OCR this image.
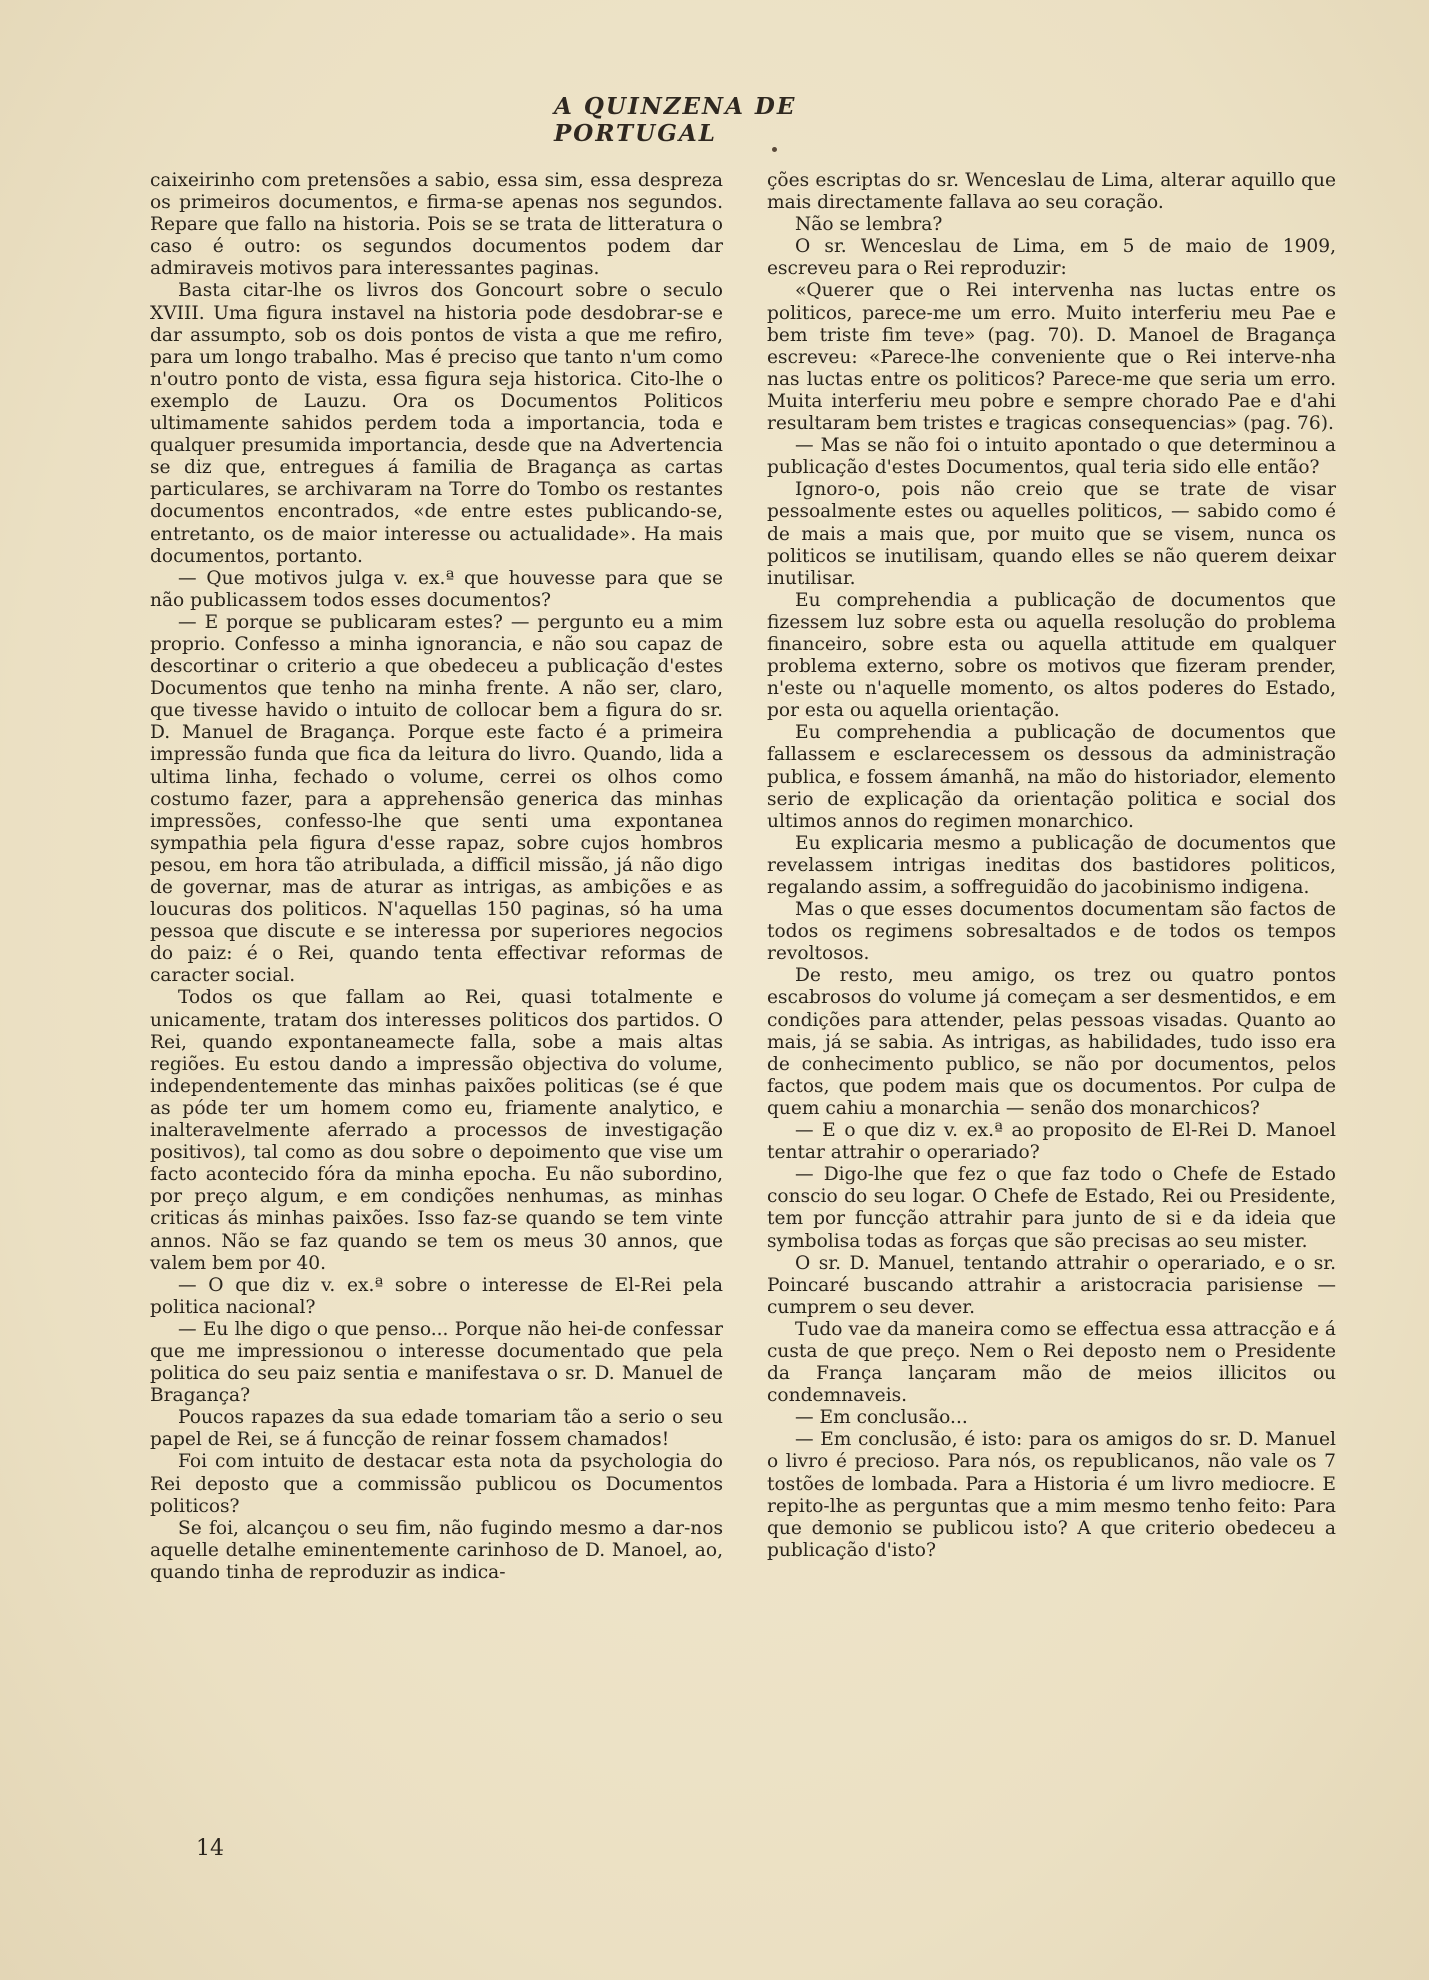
A QUINZENA DE PORTUGAL

caixeirinho com pretensões a sabio, essa sim, essa despreza os primeiros documentos, e firma-se apenas nos segundos. Repare que fallo na historia. Pois se se trata de litteratura o caso é outro: os segundos documentos podem dar admiraveis motivos para interessantes paginas.

Basta citar-lhe os livros dos Goncourt sobre o seculo XVIII. Uma figura instavel na historia pode desdobrar-se e dar assumpto, sob os dois pontos de vista a que me refiro, para um longo trabalho. Mas é preciso que tanto n'um como n'outro ponto de vista, essa figura seja historica. Cito-lhe o exemplo de Lauzu. Ora os Documentos Politicos ultimamente sahidos perdem toda a importancia, toda e qualquer presumida importancia, desde que na Advertencia se diz que, entregues á familia de Bragança as cartas particulares, se archivaram na Torre do Tombo os restantes documentos encontrados, «de entre estes publicando-se, entretanto, os de maior interesse ou actualidade». Ha mais documentos, portanto.

— Que motivos julga v. ex.ª que houvesse para que se não publicassem todos esses documentos?

— E porque se publicaram estes? — pergunto eu a mim proprio. Confesso a minha ignorancia, e não sou capaz de descortinar o criterio a que obedeceu a publicação d'estes Documentos que tenho na minha frente. A não ser, claro, que tivesse havido o intuito de collocar bem a figura do sr. D. Manuel de Bragança. Porque este facto é a primeira impressão funda que fica da leitura do livro. Quando, lida a ultima linha, fechado o volume, cerrei os olhos como costumo fazer, para a apprehensão generica das minhas impressões, confesso-lhe que senti uma expontanea sympathia pela figura d'esse rapaz, sobre cujos hombros pesou, em hora tão atribulada, a difficil missão, já não digo de governar, mas de aturar as intrigas, as ambições e as loucuras dos politicos. N'aquellas 150 paginas, só ha uma pessoa que discute e se interessa por superiores negocios do paiz: é o Rei, quando tenta effectivar reformas de caracter social.

Todos os que fallam ao Rei, quasi totalmente e unicamente, tratam dos interesses politicos dos partidos. O Rei, quando expontaneamecte falla, sobe a mais altas regiões. Eu estou dando a impressão objectiva do volume, independentemente das minhas paixões politicas (se é que as póde ter um homem como eu, friamente analytico, e inalteravelmente aferrado a processos de investigação positivos), tal como as dou sobre o depoimento que vise um facto acontecido fóra da minha epocha. Eu não subordino, por preço algum, e em condições nenhumas, as minhas criticas ás minhas paixões. Isso faz-se quando se tem vinte annos. Não se faz quando se tem os meus 30 annos, que valem bem por 40.

— O que diz v. ex.ª sobre o interesse de El-Rei pela politica nacional?

— Eu lhe digo o que penso... Porque não hei-de confessar que me impressionou o interesse documentado que pela politica do seu paiz sentia e manifestava o sr. D. Manuel de Bragança?

Poucos rapazes da sua edade tomariam tão a serio o seu papel de Rei, se á funcção de reinar fossem chamados!

Foi com intuito de destacar esta nota da psychologia do Rei deposto que a commissão publicou os Documentos politicos?

Se foi, alcançou o seu fim, não fugindo mesmo a dar-nos aquelle detalhe eminentemente carinhoso de D. Manoel, ao, quando tinha de reproduzir as indica-

ções escriptas do sr. Wenceslau de Lima, alterar aquillo que mais directamente fallava ao seu coração.

Não se lembra?

O sr. Wenceslau de Lima, em 5 de maio de 1909, escreveu para o Rei reproduzir:

«Querer que o Rei intervenha nas luctas entre os politicos, parece-me um erro. Muito interferiu meu Pae e bem triste fim teve» (pag. 70). D. Manoel de Bragança escreveu: «Parece-lhe conveniente que o Rei interve-nha nas luctas entre os politicos? Parece-me que seria um erro. Muita interferiu meu pobre e sempre chorado Pae e d'ahi resultaram bem tristes e tragicas consequencias» (pag. 76).

— Mas se não foi o intuito apontado o que determinou a publicação d'estes Documentos, qual teria sido elle então?

Ignoro-o, pois não creio que se trate de visar pessoalmente estes ou aquelles politicos, — sabido como é de mais a mais que, por muito que se visem, nunca os politicos se inutilisam, quando elles se não querem deixar inutilisar.

Eu comprehendia a publicação de documentos que fizessem luz sobre esta ou aquella resolução do problema financeiro, sobre esta ou aquella attitude em qualquer problema externo, sobre os motivos que fizeram prender, n'este ou n'aquelle momento, os altos poderes do Estado, por esta ou aquella orientação.

Eu comprehendia a publicação de documentos que fallassem e esclarecessem os dessous da administração publica, e fossem ámanhã, na mão do historiador, elemento serio de explicação da orientação politica e social dos ultimos annos do regimen monarchico.

Eu explicaria mesmo a publicação de documentos que revelassem intrigas ineditas dos bastidores politicos, regalando assim, a soffreguidão do jacobinismo indigena.

Mas o que esses documentos documentam são factos de todos os regimens sobresaltados e de todos os tempos revoltosos.

De resto, meu amigo, os trez ou quatro pontos escabrosos do volume já começam a ser desmentidos, e em condições para attender, pelas pessoas visadas. Quanto ao mais, já se sabia. As intrigas, as habilidades, tudo isso era de conhecimento publico, se não por documentos, pelos factos, que podem mais que os documentos. Por culpa de quem cahiu a monarchia — senão dos monarchicos?

— E o que diz v. ex.ª ao proposito de El-Rei D. Manoel tentar attrahir o operariado?

— Digo-lhe que fez o que faz todo o Chefe de Estado conscio do seu logar. O Chefe de Estado, Rei ou Presidente, tem por funcção attrahir para junto de si e da ideia que symbolisa todas as forças que são precisas ao seu mister.

O sr. D. Manuel, tentando attrahir o operariado, e o sr. Poincaré buscando attrahir a aristocracia parisiense — cumprem o seu dever.

Tudo vae da maneira como se effectua essa attracção e á custa de que preço. Nem o Rei deposto nem o Presidente da França lançaram mão de meios illicitos ou condemnaveis.

— Em conclusão...

— Em conclusão, é isto: para os amigos do sr. D. Manuel o livro é precioso. Para nós, os republicanos, não vale os 7 tostões de lombada. Para a Historia é um livro mediocre. E repito-lhe as perguntas que a mim mesmo tenho feito: Para que demonio se publicou isto? A que criterio obedeceu a publicação d'isto?

14
